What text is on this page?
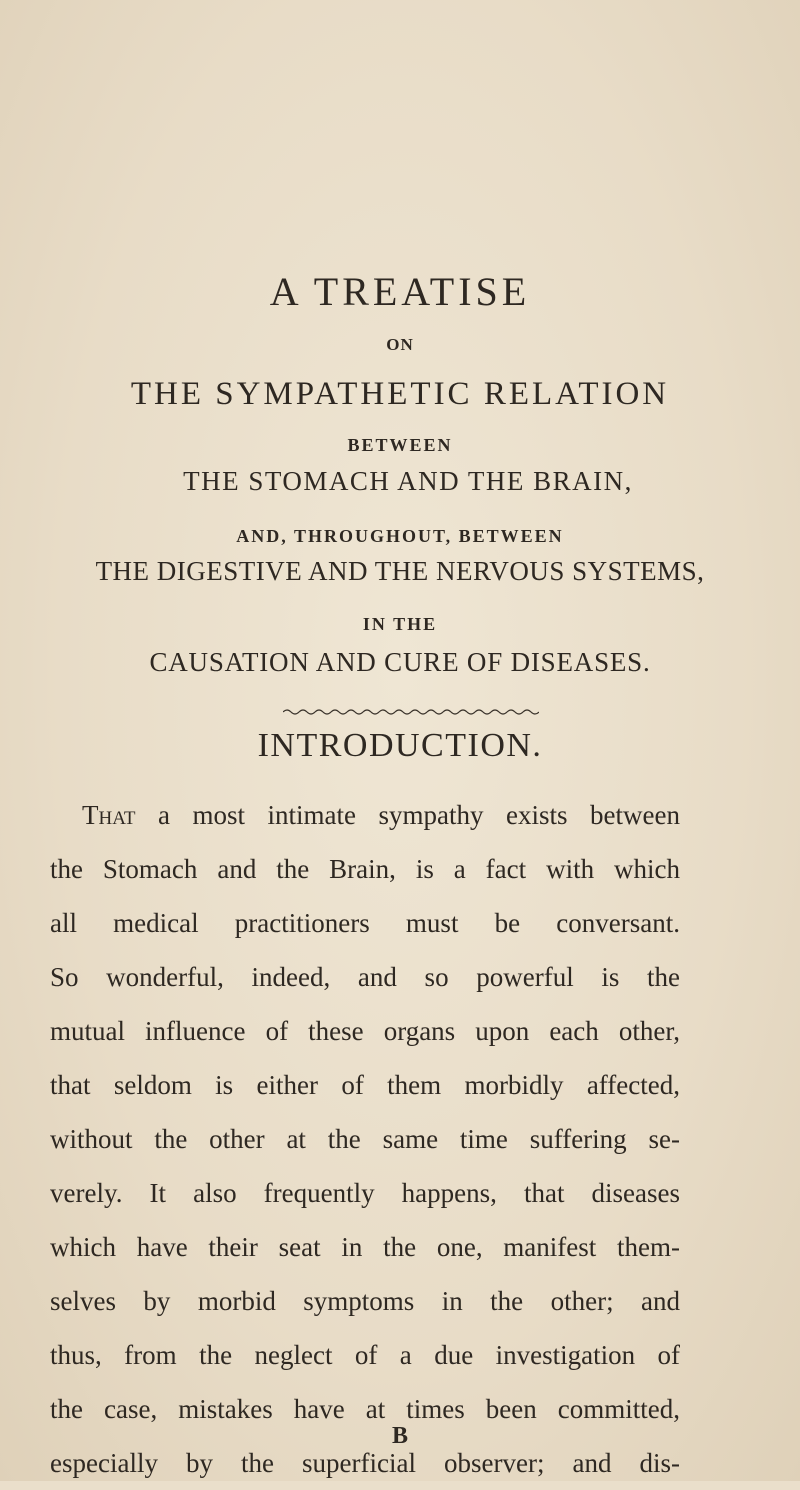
A TREATISE

ON

THE SYMPATHETIC RELATION

BETWEEN

THE STOMACH AND THE BRAIN,

AND, THROUGHOUT, BETWEEN

THE DIGESTIVE AND THE NERVOUS SYSTEMS,

IN THE

CAUSATION AND CURE OF DISEASES.

INTRODUCTION.

That a most intimate sympathy exists between
the Stomach and the Brain, is a fact with which
all medical practitioners must be conversant.
So wonderful, indeed, and so powerful is the
mutual influence of these organs upon each other,
that seldom is either of them morbidly affected,
without the other at the same time suffering se-
verely. It also frequently happens, that diseases
which have their seat in the one, manifest them-
selves by morbid symptoms in the other; and
thus, from the neglect of a due investigation of
the case, mistakes have at times been committed,
especially by the superficial observer; and dis-
B
